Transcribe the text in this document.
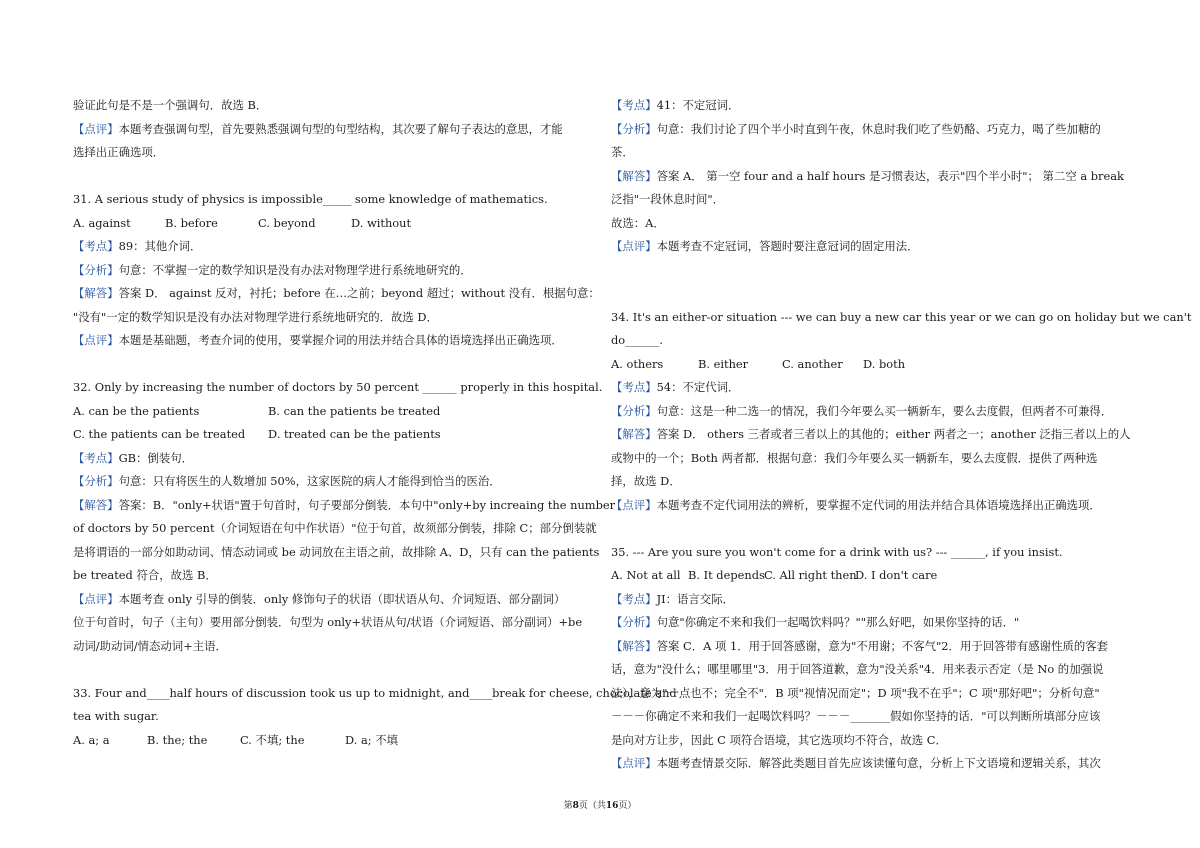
验证此句是不是一个强调句．故选 B．
【点评】本题考查强调句型，首先要熟悉强调句型的句型结构，其次要了解句子表达的意思，才能
选择出正确选项．
31. A serious study of physics is impossible_____ some knowledge of mathematics.
A. against	B. before	C. beyond	D. without
【考点】89：其他介词．
【分析】句意：不掌握一定的数学知识是没有办法对物理学进行系统地研究的．
【解答】答案 D． against 反对，衬托；before 在…之前；beyond 超过；without 没有．根据句意：
"没有"一定的数学知识是没有办法对物理学进行系统地研究的．故选 D．
【点评】本题是基础题，考查介词的使用，要掌握介词的用法并结合具体的语境选择出正确选项．
32. Only by increasing the number of doctors by 50 percent ______ properly in this hospital.
A. can be the patients	B. can the patients be treated
C. the patients can be treated	D. treated can be the patients
【考点】GB：倒装句．
【分析】句意：只有将医生的人数增加 50%，这家医院的病人才能得到恰当的医治．
【解答】答案：B．"only+状语"置于句首时，句子要部分倒装．本句中"only+by increaing the number
of doctors by 50 percent（介词短语在句中作状语）"位于句首，故须部分倒装，排除 C；部分倒装就
是将谓语的一部分如助动词、情态动词或 be 动词放在主语之前，故排除 A、D，只有 can the patients
be treated 符合，故选 B．
【点评】本题考查 only 引导的倒装．only 修饰句子的状语（即状语从句、介词短语、部分副词）
位于句首时，句子（主句）要用部分倒装．句型为 only+状语从句/状语（介词短语、部分副词）+be
动词/助动词/情态动词+主语．
33. Four and____half hours of discussion took us up to midnight, and____break for cheese, chocolate and
tea with sugar.
A. a; a	B. the; the	C. 不填; the	D. a; 不填
【考点】41：不定冠词．
【分析】句意：我们讨论了四个半小时直到午夜，休息时我们吃了些奶酪、巧克力，喝了些加糖的
茶．
【解答】答案 A． 第一空 four and a half hours 是习惯表达，表示"四个半小时"； 第二空 a break
泛指"一段休息时间"．
故选：A．
【点评】本题考查不定冠词，答题时要注意冠词的固定用法．
34. It's an either-or situation --- we can buy a new car this year or we can go on holiday but we can't
do______.
A. others	B. either	C. another	D. both
【考点】54：不定代词．
【分析】句意：这是一种二选一的情况，我们今年要么买一辆新车，要么去度假，但两者不可兼得．
【解答】答案 D． others 三者或者三者以上的其他的；either 两者之一；another 泛指三者以上的人
或物中的一个；Both 两者都．根据句意：我们今年要么买一辆新车，要么去度假．提供了两种选
择，故选 D．
【点评】本题考查不定代词用法的辨析，要掌握不定代词的用法并结合具体语境选择出正确选项．
35. --- Are you sure you won't come for a drink with us? --- ______, if you insist.
A. Not at all B. It depends C. All right then
D. I don't care
【考点】JI：语言交际．
【分析】句意"你确定不来和我们一起喝饮料吗？""那么好吧，如果你坚持的话．"
【解答】答案 C．A 项 1．用于回答感谢，意为"不用谢；不客气"2．用于回答带有感谢性质的客套
话，意为"没什么；哪里哪里"3．用于回答道歉，意为"没关系"4．用来表示否定（是 No 的加强说
法），意为"一点也不；完全不"．B 项"视情况而定"；D 项"我不在乎"；C 项"那好吧"；分析句意"
－－－你确定不来和我们一起喝饮料吗？－－－_______假如你坚持的话．"可以判断所填部分应该
是向对方让步，因此 C 项符合语境，其它选项均不符合，故选 C．
【点评】本题考查情景交际．解答此类题目首先应该读懂句意，分析上下文语境和逻辑关系，其次
第8页（共16页）
